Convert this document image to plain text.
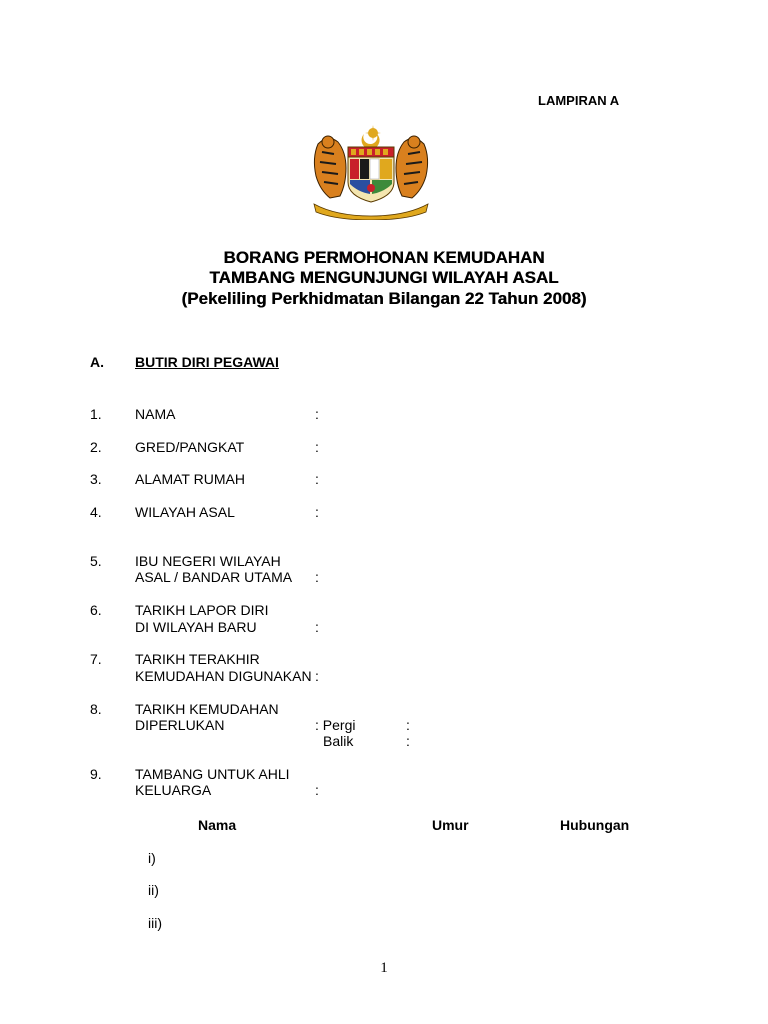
LAMPIRAN A
BORANG PERMOHONAN KEMUDAHAN
TAMBANG MENGUNJUNGI WILAYAH ASAL
(Pekeliling Perkhidmatan Bilangan 22 Tahun 2008)
A. BUTIR DIRI PEGAWAI
1. NAMA	:
2. GRED/PANGKAT	:
3. ALAMAT RUMAH	:
4. WILAYAH ASAL	:
5. IBU NEGERI WILAYAH
ASAL / BANDAR UTAMA :
6. TARIKH LAPOR DIRI
DI WILAYAH BARU	:
7. TARIKH TERAKHIR
KEMUDAHAN DIGUNAKAN :
8. TARIKH KEMUDAHAN
DIPERLUKAN	: Pergi	:
Balik	:
9. TAMBANG UNTUK AHLI
KELUARGA	:
Nama	Umur	Hubungan
i)
ii)
iii)
1
